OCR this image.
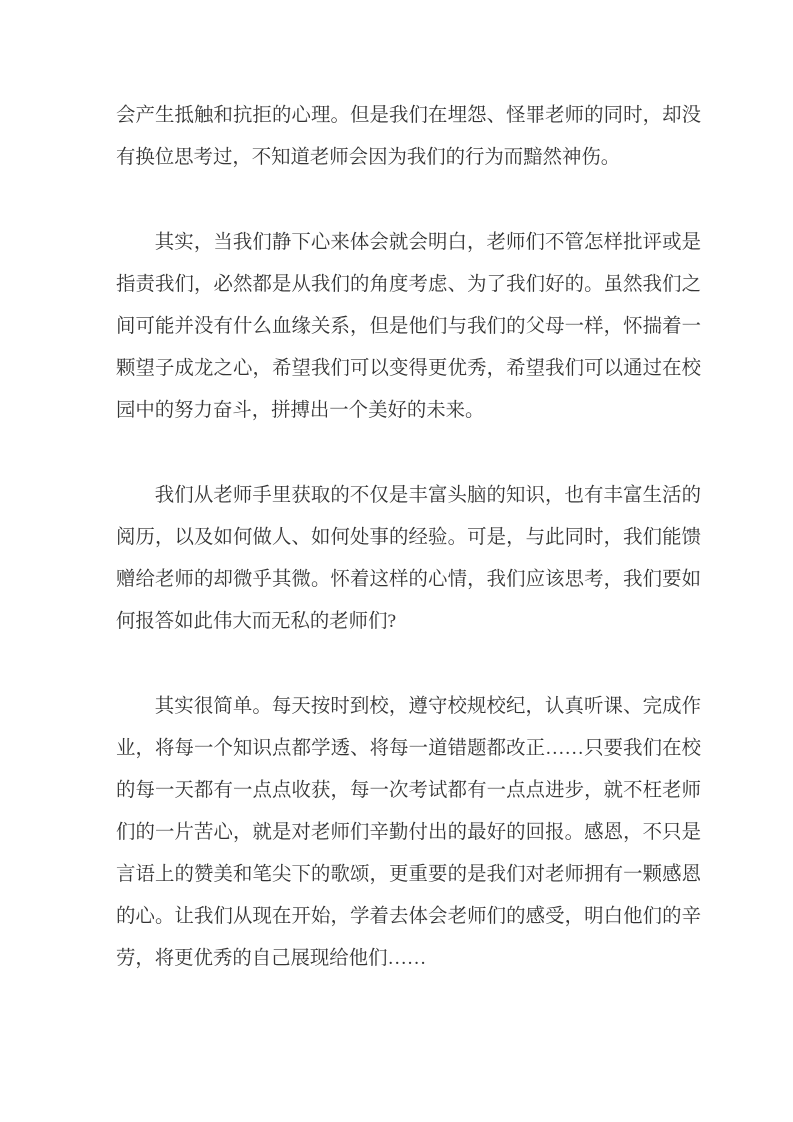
会产生抵触和抗拒的心理。但是我们在埋怨、怪罪老师的同时，却没有换位思考过，不知道老师会因为我们的行为而黯然神伤。

其实，当我们静下心来体会就会明白，老师们不管怎样批评或是指责我们，必然都是从我们的角度考虑、为了我们好的。虽然我们之间可能并没有什么血缘关系，但是他们与我们的父母一样，怀揣着一颗望子成龙之心，希望我们可以变得更优秀，希望我们可以通过在校园中的努力奋斗，拼搏出一个美好的未来。

我们从老师手里获取的不仅是丰富头脑的知识，也有丰富生活的阅历，以及如何做人、如何处事的经验。可是，与此同时，我们能馈赠给老师的却微乎其微。怀着这样的心情，我们应该思考，我们要如何报答如此伟大而无私的老师们?

其实很简单。每天按时到校，遵守校规校纪，认真听课、完成作业，将每一个知识点都学透、将每一道错题都改正……只要我们在校的每一天都有一点点收获，每一次考试都有一点点进步，就不枉老师们的一片苦心，就是对老师们辛勤付出的最好的回报。感恩，不只是言语上的赞美和笔尖下的歌颂，更重要的是我们对老师拥有一颗感恩的心。让我们从现在开始，学着去体会老师们的感受，明白他们的辛劳，将更优秀的自己展现给他们……
